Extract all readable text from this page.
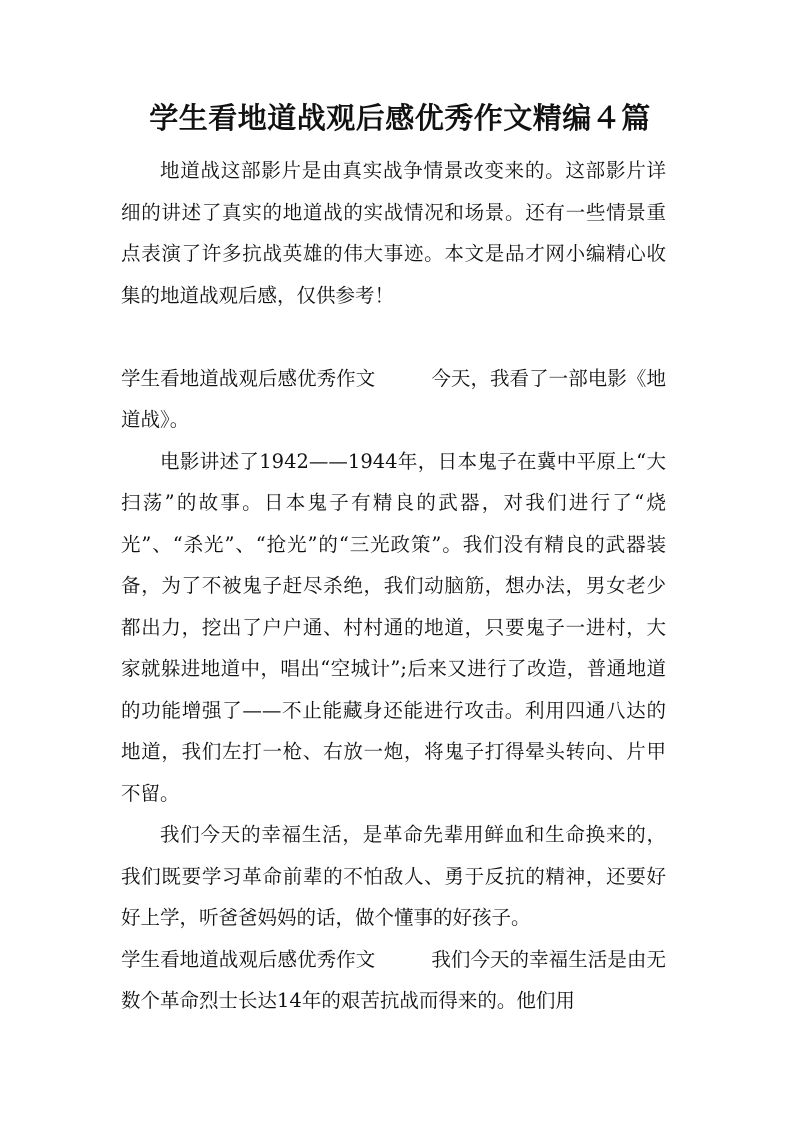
学生看地道战观后感优秀作文精编４篇

地道战这部影片是由真实战争情景改变来的。这部影片详细的讲述了真实的地道战的实战情况和场景。还有一些情景重点表演了许多抗战英雄的伟大事迹。本文是品才网小编精心收集的地道战观后感，仅供参考！

学生看地道战观后感优秀作文	今天，我看了一部电影《地道战》。

电影讲述了1942——1944年，日本鬼子在冀中平原上“大扫荡”的故事。日本鬼子有精良的武器，对我们进行了“烧光”、“杀光”、“抢光”的“三光政策”。我们没有精良的武器装备，为了不被鬼子赶尽杀绝，我们动脑筋，想办法，男女老少都出力，挖出了户户通、村村通的地道，只要鬼子一进村，大家就躲进地道中，唱出“空城计”;后来又进行了改造，普通地道的功能增强了——不止能藏身还能进行攻击。利用四通八达的地道，我们左打一枪、右放一炮，将鬼子打得晕头转向、片甲不留。

我们今天的幸福生活，是革命先辈用鲜血和生命换来的，我们既要学习革命前辈的不怕敌人、勇于反抗的精神，还要好好上学，听爸爸妈妈的话，做个懂事的好孩子。

学生看地道战观后感优秀作文	我们今天的幸福生活是由无数个革命烈士长达14年的艰苦抗战而得来的。他们用
